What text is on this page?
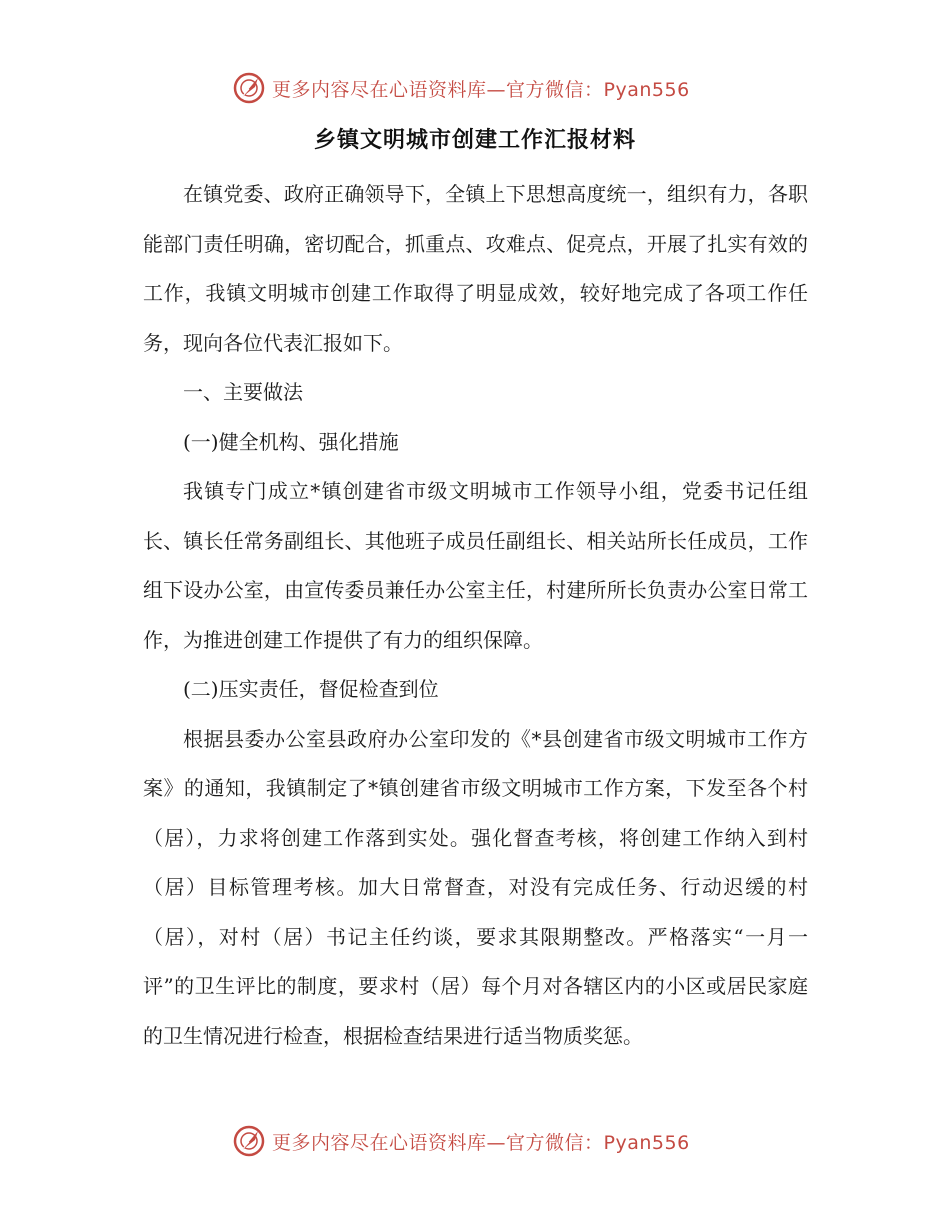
更多内容尽在心语资料库—官方微信：Pyan556
乡镇文明城市创建工作汇报材料

在镇党委、政府正确领导下，全镇上下思想高度统一，组织有力，各职能部门责任明确，密切配合，抓重点、攻难点、促亮点，开展了扎实有效的工作，我镇文明城市创建工作取得了明显成效，较好地完成了各项工作任务，现向各位代表汇报如下。

一、主要做法

(一)健全机构、强化措施

我镇专门成立*镇创建省市级文明城市工作领导小组，党委书记任组长、镇长任常务副组长、其他班子成员任副组长、相关站所长任成员，工作组下设办公室，由宣传委员兼任办公室主任，村建所所长负责办公室日常工作，为推进创建工作提供了有力的组织保障。

(二)压实责任，督促检查到位

根据县委办公室县政府办公室印发的《*县创建省市级文明城市工作方案》的通知，我镇制定了*镇创建省市级文明城市工作方案，下发至各个村（居），力求将创建工作落到实处。强化督查考核，将创建工作纳入到村（居）目标管理考核。加大日常督查，对没有完成任务、行动迟缓的村（居），对村（居）书记主任约谈，要求其限期整改。严格落实“一月一评”的卫生评比的制度，要求村（居）每个月对各辖区内的小区或居民家庭的卫生情况进行检查，根据检查结果进行适当物质奖惩。

更多内容尽在心语资料库—官方微信：Pyan556
